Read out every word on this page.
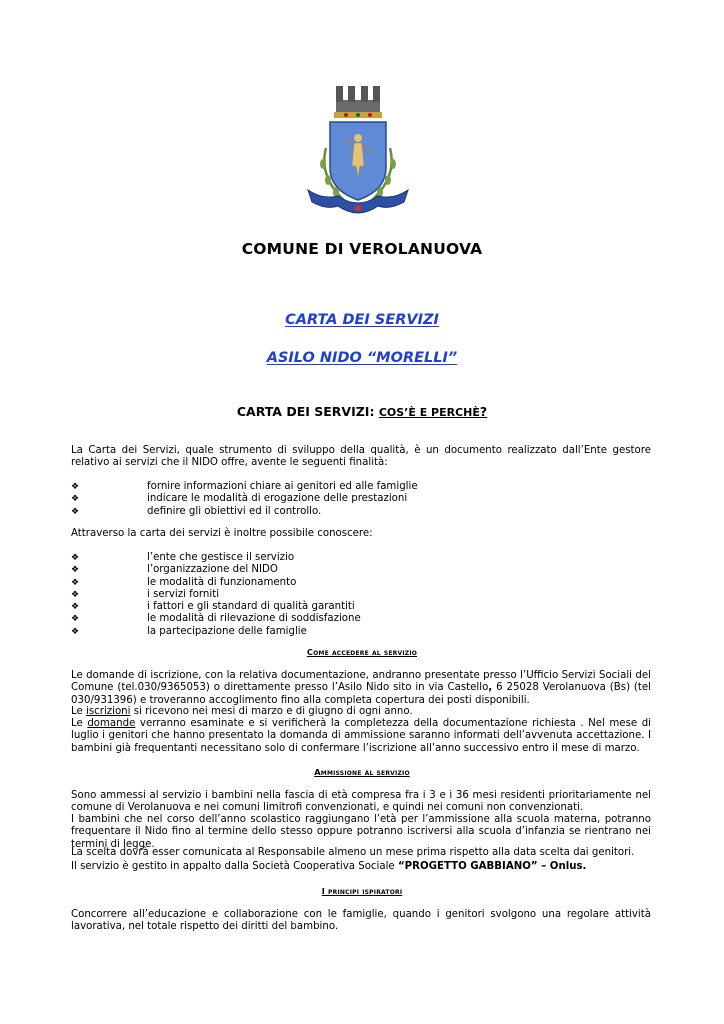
COMUNE DI VEROLANUOVA
CARTA DEI SERVIZI
ASILO NIDO “MORELLI”
CARTA DEI SERVIZI: COS’È E PERCHÈ?
La Carta dei Servizi, quale strumento di sviluppo della qualità, è un documento realizzato dall’Ente gestore relativo ai servizi che il NIDO offre, avente le seguenti finalità:
❖	fornire informazioni chiare ai genitori ed alle famiglie
❖	indicare le modalità di erogazione delle prestazioni
❖	definire gli obiettivi ed il controllo.
Attraverso la carta dei servizi è inoltre possibile conoscere:
❖	l’ente che gestisce il servizio
❖	l’organizzazione del NIDO
❖	le modalità di funzionamento
❖	i servizi forniti
❖	i fattori e gli standard di qualità garantiti
❖	le modalità di rilevazione di soddisfazione
❖	la partecipazione delle famiglie
Come accedere al servizio
Le domande di iscrizione, con la relativa documentazione, andranno presentate presso l’Ufficio Servizi Sociali del Comune (tel.030/9365053) o direttamente presso l’Asilo Nido sito in via Castello, 6 25028 Verolanuova (Bs) (tel 030/931396) e troveranno accoglimento fino alla completa copertura dei posti disponibili.
Le iscrizioni si ricevono nei mesi di marzo e di giugno di ogni anno.
Le domande verranno esaminate e si verificherà la completezza della documentazione richiesta . Nel mese di luglio i genitori che hanno presentato la domanda di ammissione saranno informati dell’avvenuta accettazione. I bambini già frequentanti necessitano solo di confermare l’iscrizione all’anno successivo entro il mese di marzo.
Ammissione al servizio
Sono ammessi al servizio i bambini nella fascia di età compresa fra i 3 e i 36 mesi residenti prioritariamente nel comune di Verolanuova e nei comuni limitrofi convenzionati, e quindi nei comuni non convenzionati.
I bambini che nel corso dell’anno scolastico raggiungano l’età per l’ammissione alla scuola materna, potranno frequentare il Nido fino al termine dello stesso oppure potranno iscriversi alla scuola d’infanzia se rientrano nei termini di legge.
La scelta dovrà esser comunicata al Responsabile almeno un mese prima rispetto alla data scelta dai genitori.
Il servizio è gestito in appalto dalla Società Cooperativa Sociale “PROGETTO GABBIANO” – Onlus.
I principi ispiratori
Concorrere all’educazione e collaborazione con le famiglie, quando i genitori svolgono una regolare attività lavorativa, nel totale rispetto dei diritti del bambino.
